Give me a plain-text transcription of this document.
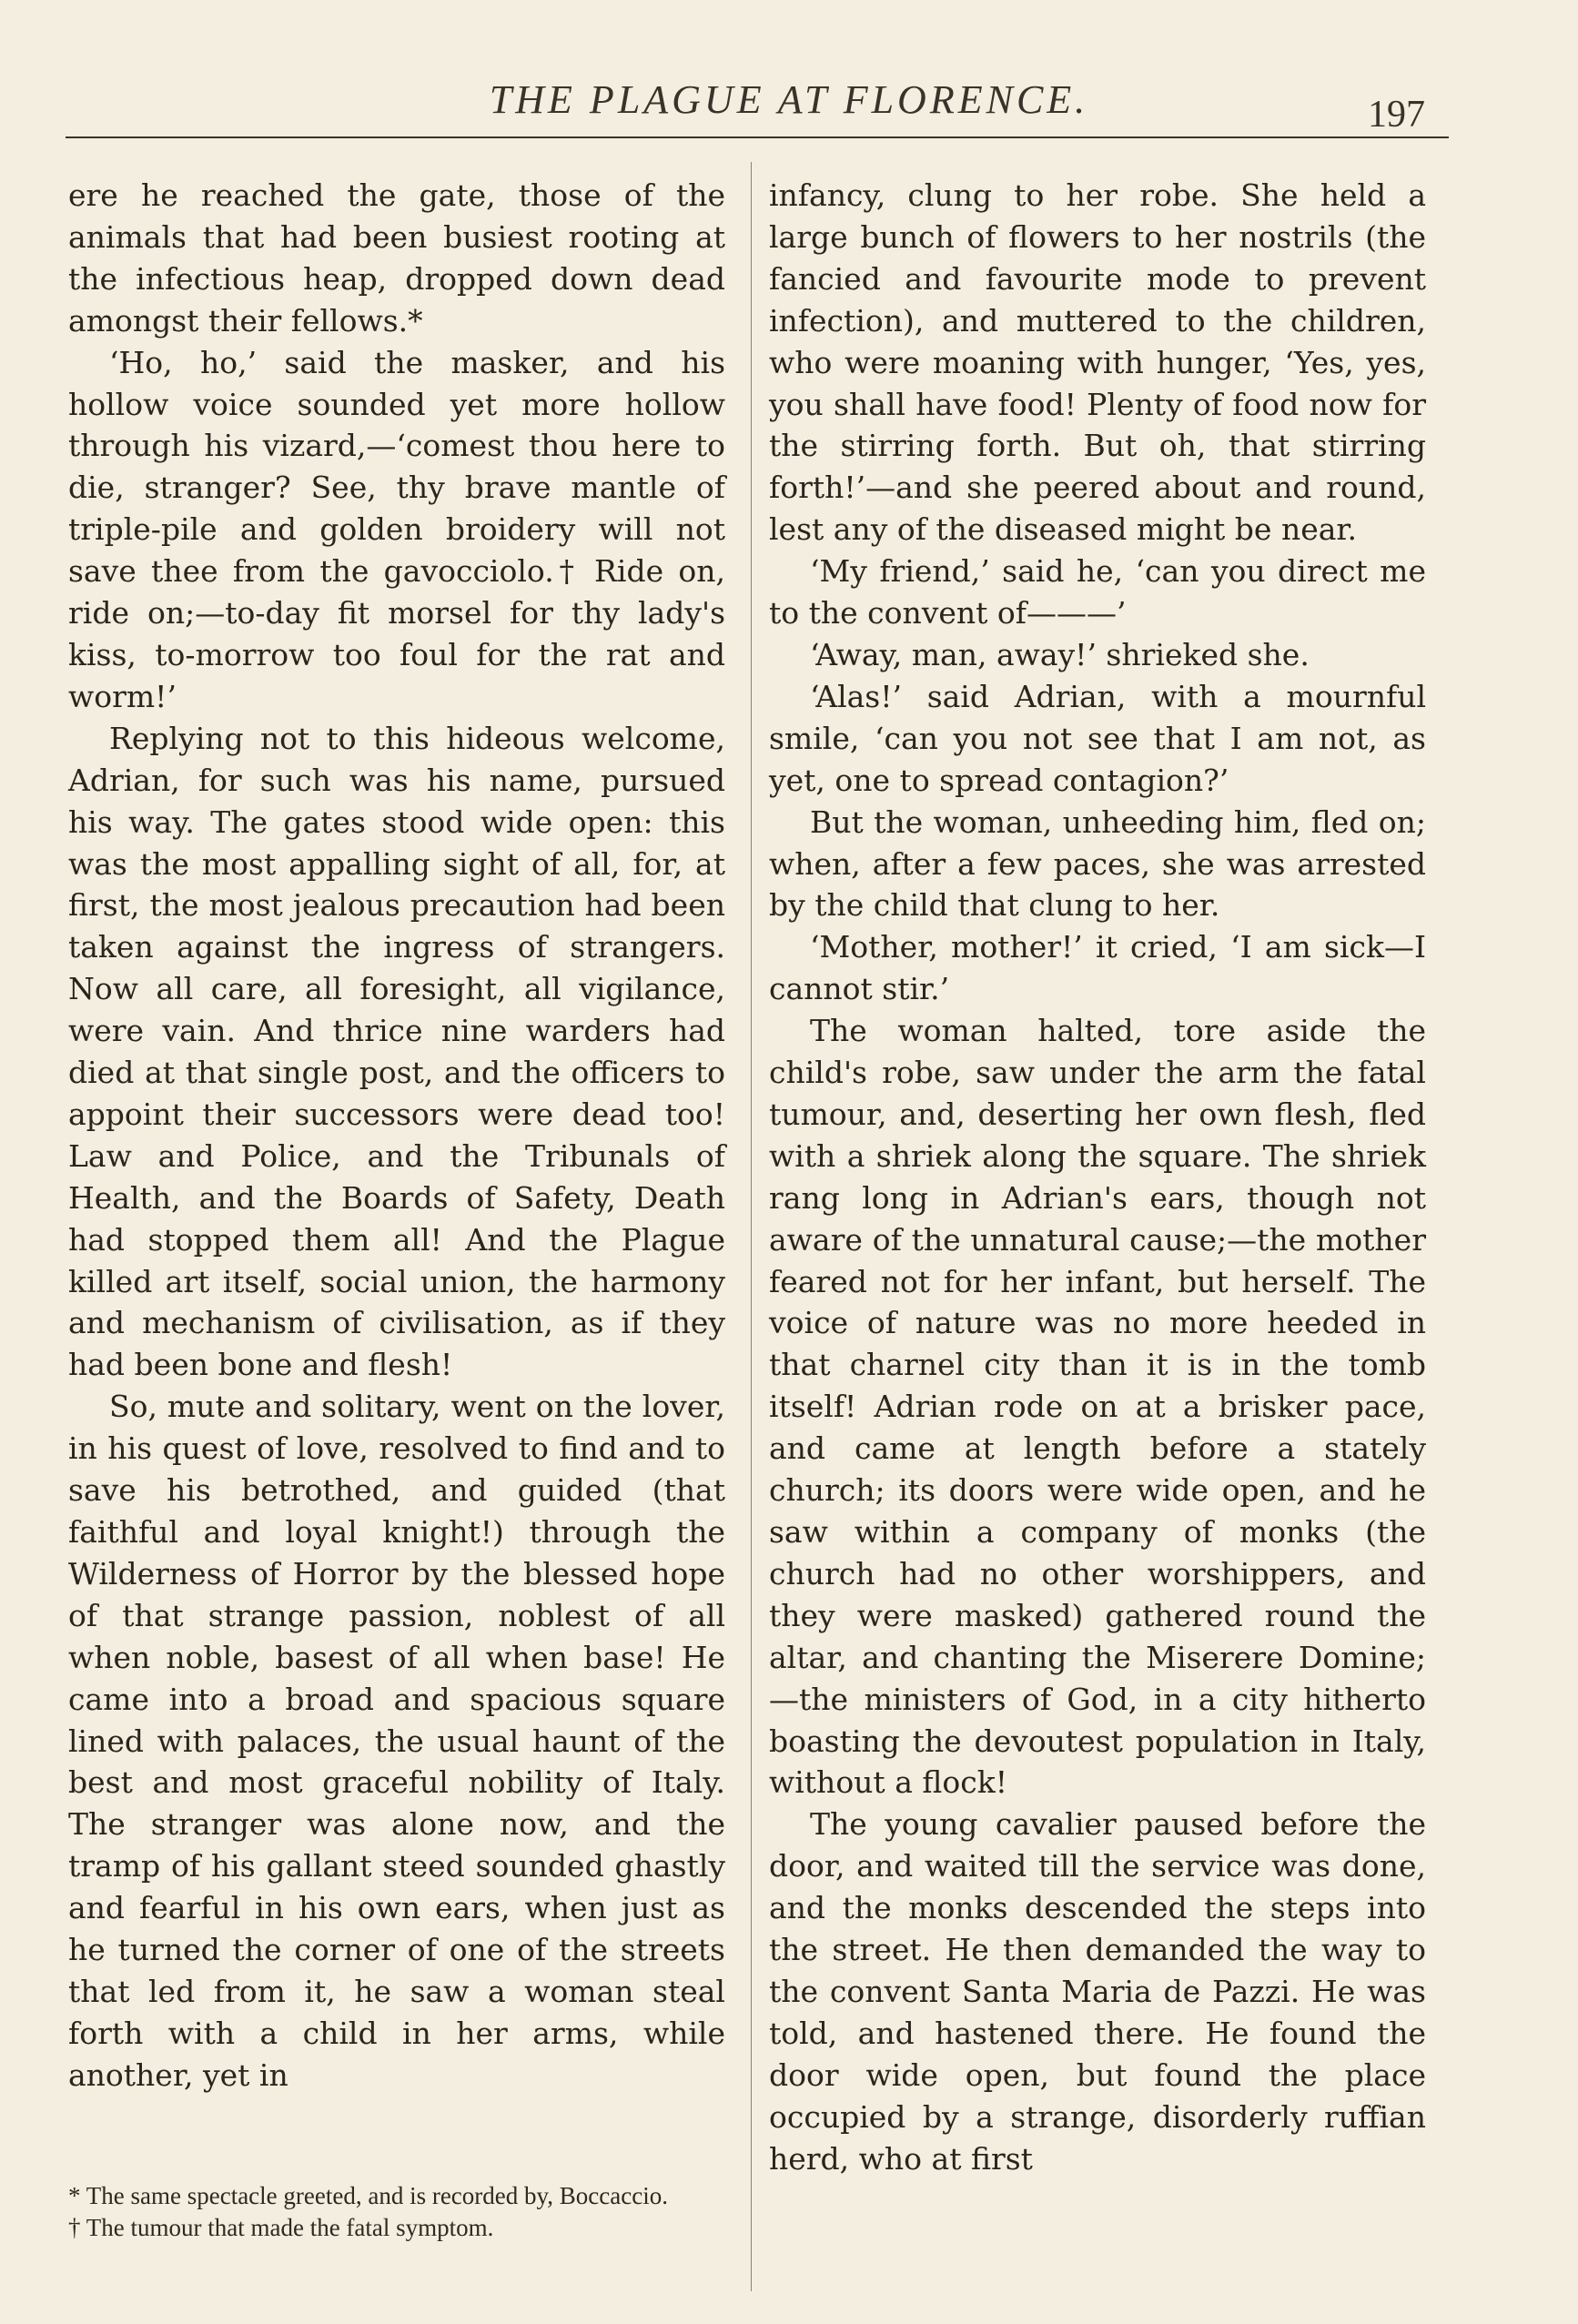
THE PLAGUE AT FLORENCE.	197

ere he reached the gate, those of the animals that had been busiest rooting at the infectious heap, dropped down dead amongst their fellows.*

‘Ho, ho,’ said the masker, and his hollow voice sounded yet more hollow through his vizard,—‘comest thou here to die, stranger? See, thy brave mantle of triple-pile and golden broidery will not save thee from the gavocciolo.† Ride on, ride on;—to-day fit morsel for thy lady's kiss, to-morrow too foul for the rat and worm!’

Replying not to this hideous welcome, Adrian, for such was his name, pursued his way. The gates stood wide open: this was the most appalling sight of all, for, at first, the most jealous precaution had been taken against the ingress of strangers. Now all care, all foresight, all vigilance, were vain. And thrice nine warders had died at that single post, and the officers to appoint their successors were dead too! Law and Police, and the Tribunals of Health, and the Boards of Safety, Death had stopped them all! And the Plague killed art itself, social union, the harmony and mechanism of civilisation, as if they had been bone and flesh!

So, mute and solitary, went on the lover, in his quest of love, resolved to find and to save his betrothed, and guided (that faithful and loyal knight!) through the Wilderness of Horror by the blessed hope of that strange passion, noblest of all when noble, basest of all when base! He came into a broad and spacious square lined with palaces, the usual haunt of the best and most graceful nobility of Italy. The stranger was alone now, and the tramp of his gallant steed sounded ghastly and fearful in his own ears, when just as he turned the corner of one of the streets that led from it, he saw a woman steal forth with a child in her arms, while another, yet in

infancy, clung to her robe. She held a large bunch of flowers to her nostrils (the fancied and favourite mode to prevent infection), and muttered to the children, who were moaning with hunger, ‘Yes, yes, you shall have food! Plenty of food now for the stirring forth. But oh, that stirring forth!’—and she peered about and round, lest any of the diseased might be near.

‘My friend,’ said he, ‘can you direct me to the convent of———’

‘Away, man, away!’ shrieked she.

‘Alas!’ said Adrian, with a mournful smile, ‘can you not see that I am not, as yet, one to spread contagion?’

But the woman, unheeding him, fled on; when, after a few paces, she was arrested by the child that clung to her.

‘Mother, mother!’ it cried, ‘I am sick—I cannot stir.’

The woman halted, tore aside the child's robe, saw under the arm the fatal tumour, and, deserting her own flesh, fled with a shriek along the square. The shriek rang long in Adrian's ears, though not aware of the unnatural cause;—the mother feared not for her infant, but herself. The voice of nature was no more heeded in that charnel city than it is in the tomb itself! Adrian rode on at a brisker pace, and came at length before a stately church; its doors were wide open, and he saw within a company of monks (the church had no other worshippers, and they were masked) gathered round the altar, and chanting the Miserere Domine;—the ministers of God, in a city hitherto boasting the devoutest population in Italy, without a flock!

The young cavalier paused before the door, and waited till the service was done, and the monks descended the steps into the street. He then demanded the way to the convent Santa Maria de Pazzi. He was told, and hastened there. He found the door wide open, but found the place occupied by a strange, disorderly ruffian herd, who at first

* The same spectacle greeted, and is recorded by, Boccaccio.

† The tumour that made the fatal symptom.
